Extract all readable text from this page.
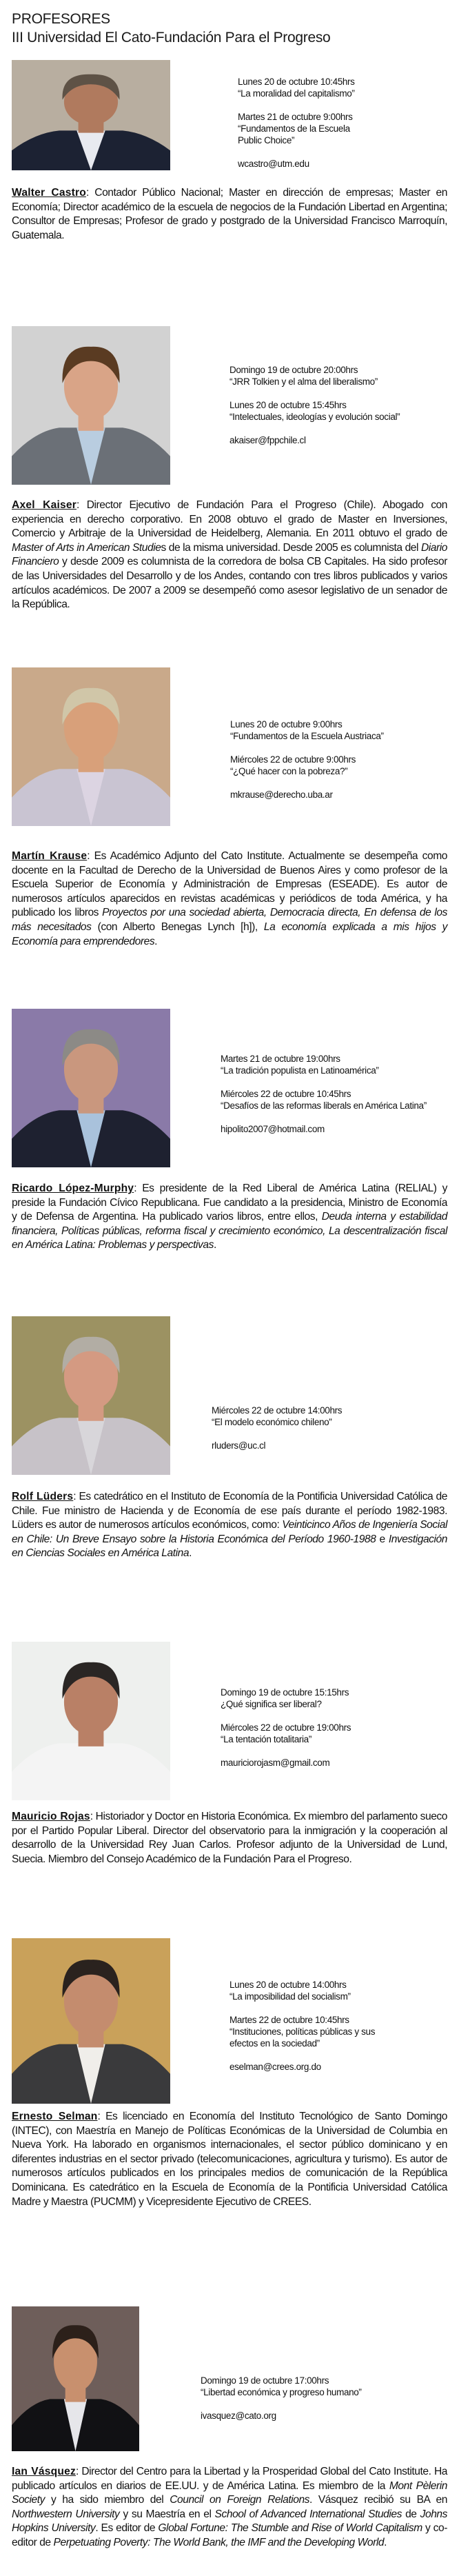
PROFESORES
III Universidad El Cato-Fundación Para el Progreso
Lunes 20 de octubre 10:45hrs
“La moralidad del capitalismo”
Martes 21 de octubre 9:00hrs
“Fundamentos de la Escuela Public Choice”
wcastro@utm.edu
Walter Castro: Contador Público Nacional; Master en dirección de empresas; Master en Economía; Director académico de la escuela de negocios de la Fundación Libertad en Argentina; Consultor de Empresas; Profesor de grado y postgrado de la Universidad Francisco Marroquín, Guatemala.
Domingo 19 de octubre 20:00hrs
“JRR Tolkien y el alma del liberalismo”
Lunes 20 de octubre 15:45hrs
“Intelectuales, ideologías y evolución social”
akaiser@fppchile.cl
Axel Kaiser: Director Ejecutivo de Fundación Para el Progreso (Chile). Abogado con experiencia en derecho corporativo. En 2008 obtuvo el grado de Master en Inversiones, Comercio y Arbitraje de la Universidad de Heidelberg, Alemania. En 2011 obtuvo el grado de Master of Arts in American Studies de la misma universidad. Desde 2005 es columnista del Diario Financiero y desde 2009 es columnista de la corredora de bolsa CB Capitales. Ha sido profesor de las Universidades del Desarrollo y de los Andes, contando con tres libros publicados y varios artículos académicos. De 2007 a 2009 se desempeñó como asesor legislativo de un senador de la República.
Lunes 20 de octubre 9:00hrs
“Fundamentos de la Escuela Austriaca”
Miércoles 22 de octubre 9:00hrs
“¿Qué hacer con la pobreza?”
mkrause@derecho.uba.ar
Martín Krause: Es Académico Adjunto del Cato Institute. Actualmente se desempeña como docente en la Facultad de Derecho de la Universidad de Buenos Aires y como profesor de la Escuela Superior de Economía y Administración de Empresas (ESEADE). Es autor de numerosos artículos aparecidos en revistas académicas y periódicos de toda América, y ha publicado los libros Proyectos por una sociedad abierta, Democracia directa, En defensa de los más necesitados (con Alberto Benegas Lynch [h]), La economía explicada a mis hijos y Economía para emprendedores.
Martes 21 de octubre 19:00hrs
“La tradición populista en Latinoamérica”
Miércoles 22 de octubre 10:45hrs
“Desafíos de las reformas liberals en América Latina”
hipolito2007@hotmail.com
Ricardo López-Murphy: Es presidente de la Red Liberal de América Latina (RELIAL) y preside la Fundación Cívico Republicana. Fue candidato a la presidencia, Ministro de Economía y de Defensa de Argentina. Ha publicado varios libros, entre ellos, Deuda interna y estabilidad financiera, Políticas públicas, reforma fiscal y crecimiento económico, La descentralización fiscal en América Latina: Problemas y perspectivas.
Miércoles 22 de octubre 14:00hrs
“El modelo económico chileno”
rluders@uc.cl
Rolf Lüders: Es catedrático en el Instituto de Economía de la Pontificia Universidad Católica de Chile. Fue ministro de Hacienda y de Economía de ese país durante el período 1982-1983. Lüders es autor de numerosos artículos económicos, como: Veinticinco Años de Ingeniería Social en Chile: Un Breve Ensayo sobre la Historia Económica del Período 1960-1988 e Investigación en Ciencias Sociales en América Latina.
Domingo 19 de octubre 15:15hrs
¿Qué significa ser liberal?
Miércoles 22 de octubre 19:00hrs
“La tentación totalitaria”
mauriciorojasm@gmail.com
Mauricio Rojas: Historiador y Doctor en Historia Económica. Ex miembro del parlamento sueco por el Partido Popular Liberal. Director del observatorio para la inmigración y la cooperación al desarrollo de la Universidad Rey Juan Carlos. Profesor adjunto de la Universidad de Lund, Suecia. Miembro del Consejo Académico de la Fundación Para el Progreso.
Lunes 20 de octubre 14:00hrs
“La imposibilidad del socialism”
Martes 22 de octubre 10:45hrs
“Instituciones, políticas públicas y sus efectos en la sociedad”
eselman@crees.org.do
Ernesto Selman: Es licenciado en Economía del Instituto Tecnológico de Santo Domingo (INTEC), con Maestría en Manejo de Políticas Económicas de la Universidad de Columbia en Nueva York. Ha laborado en organismos internacionales, el sector público dominicano y en diferentes industrias en el sector privado (telecomunicaciones, agricultura y turismo). Es autor de numerosos artículos publicados en los principales medios de comunicación de la República Dominicana. Es catedrático en la Escuela de Economía de la Pontificia Universidad Católica Madre y Maestra (PUCMM) y Vicepresidente Ejecutivo de CREES.
Domingo 19 de octubre 17:00hrs
“Libertad económica y progreso humano”
ivasquez@cato.org
Ian Vásquez: Director del Centro para la Libertad y la Prosperidad Global del Cato Institute. Ha publicado artículos en diarios de EE.UU. y de América Latina. Es miembro de la Mont Pèlerin Society y ha sido miembro del Council on Foreign Relations. Vásquez recibió su BA en Northwestern University y su Maestría en el School of Advanced International Studies de Johns Hopkins University. Es editor de Global Fortune: The Stumble and Rise of World Capitalism y co-editor de Perpetuating Poverty: The World Bank, the IMF and the Developing World.
